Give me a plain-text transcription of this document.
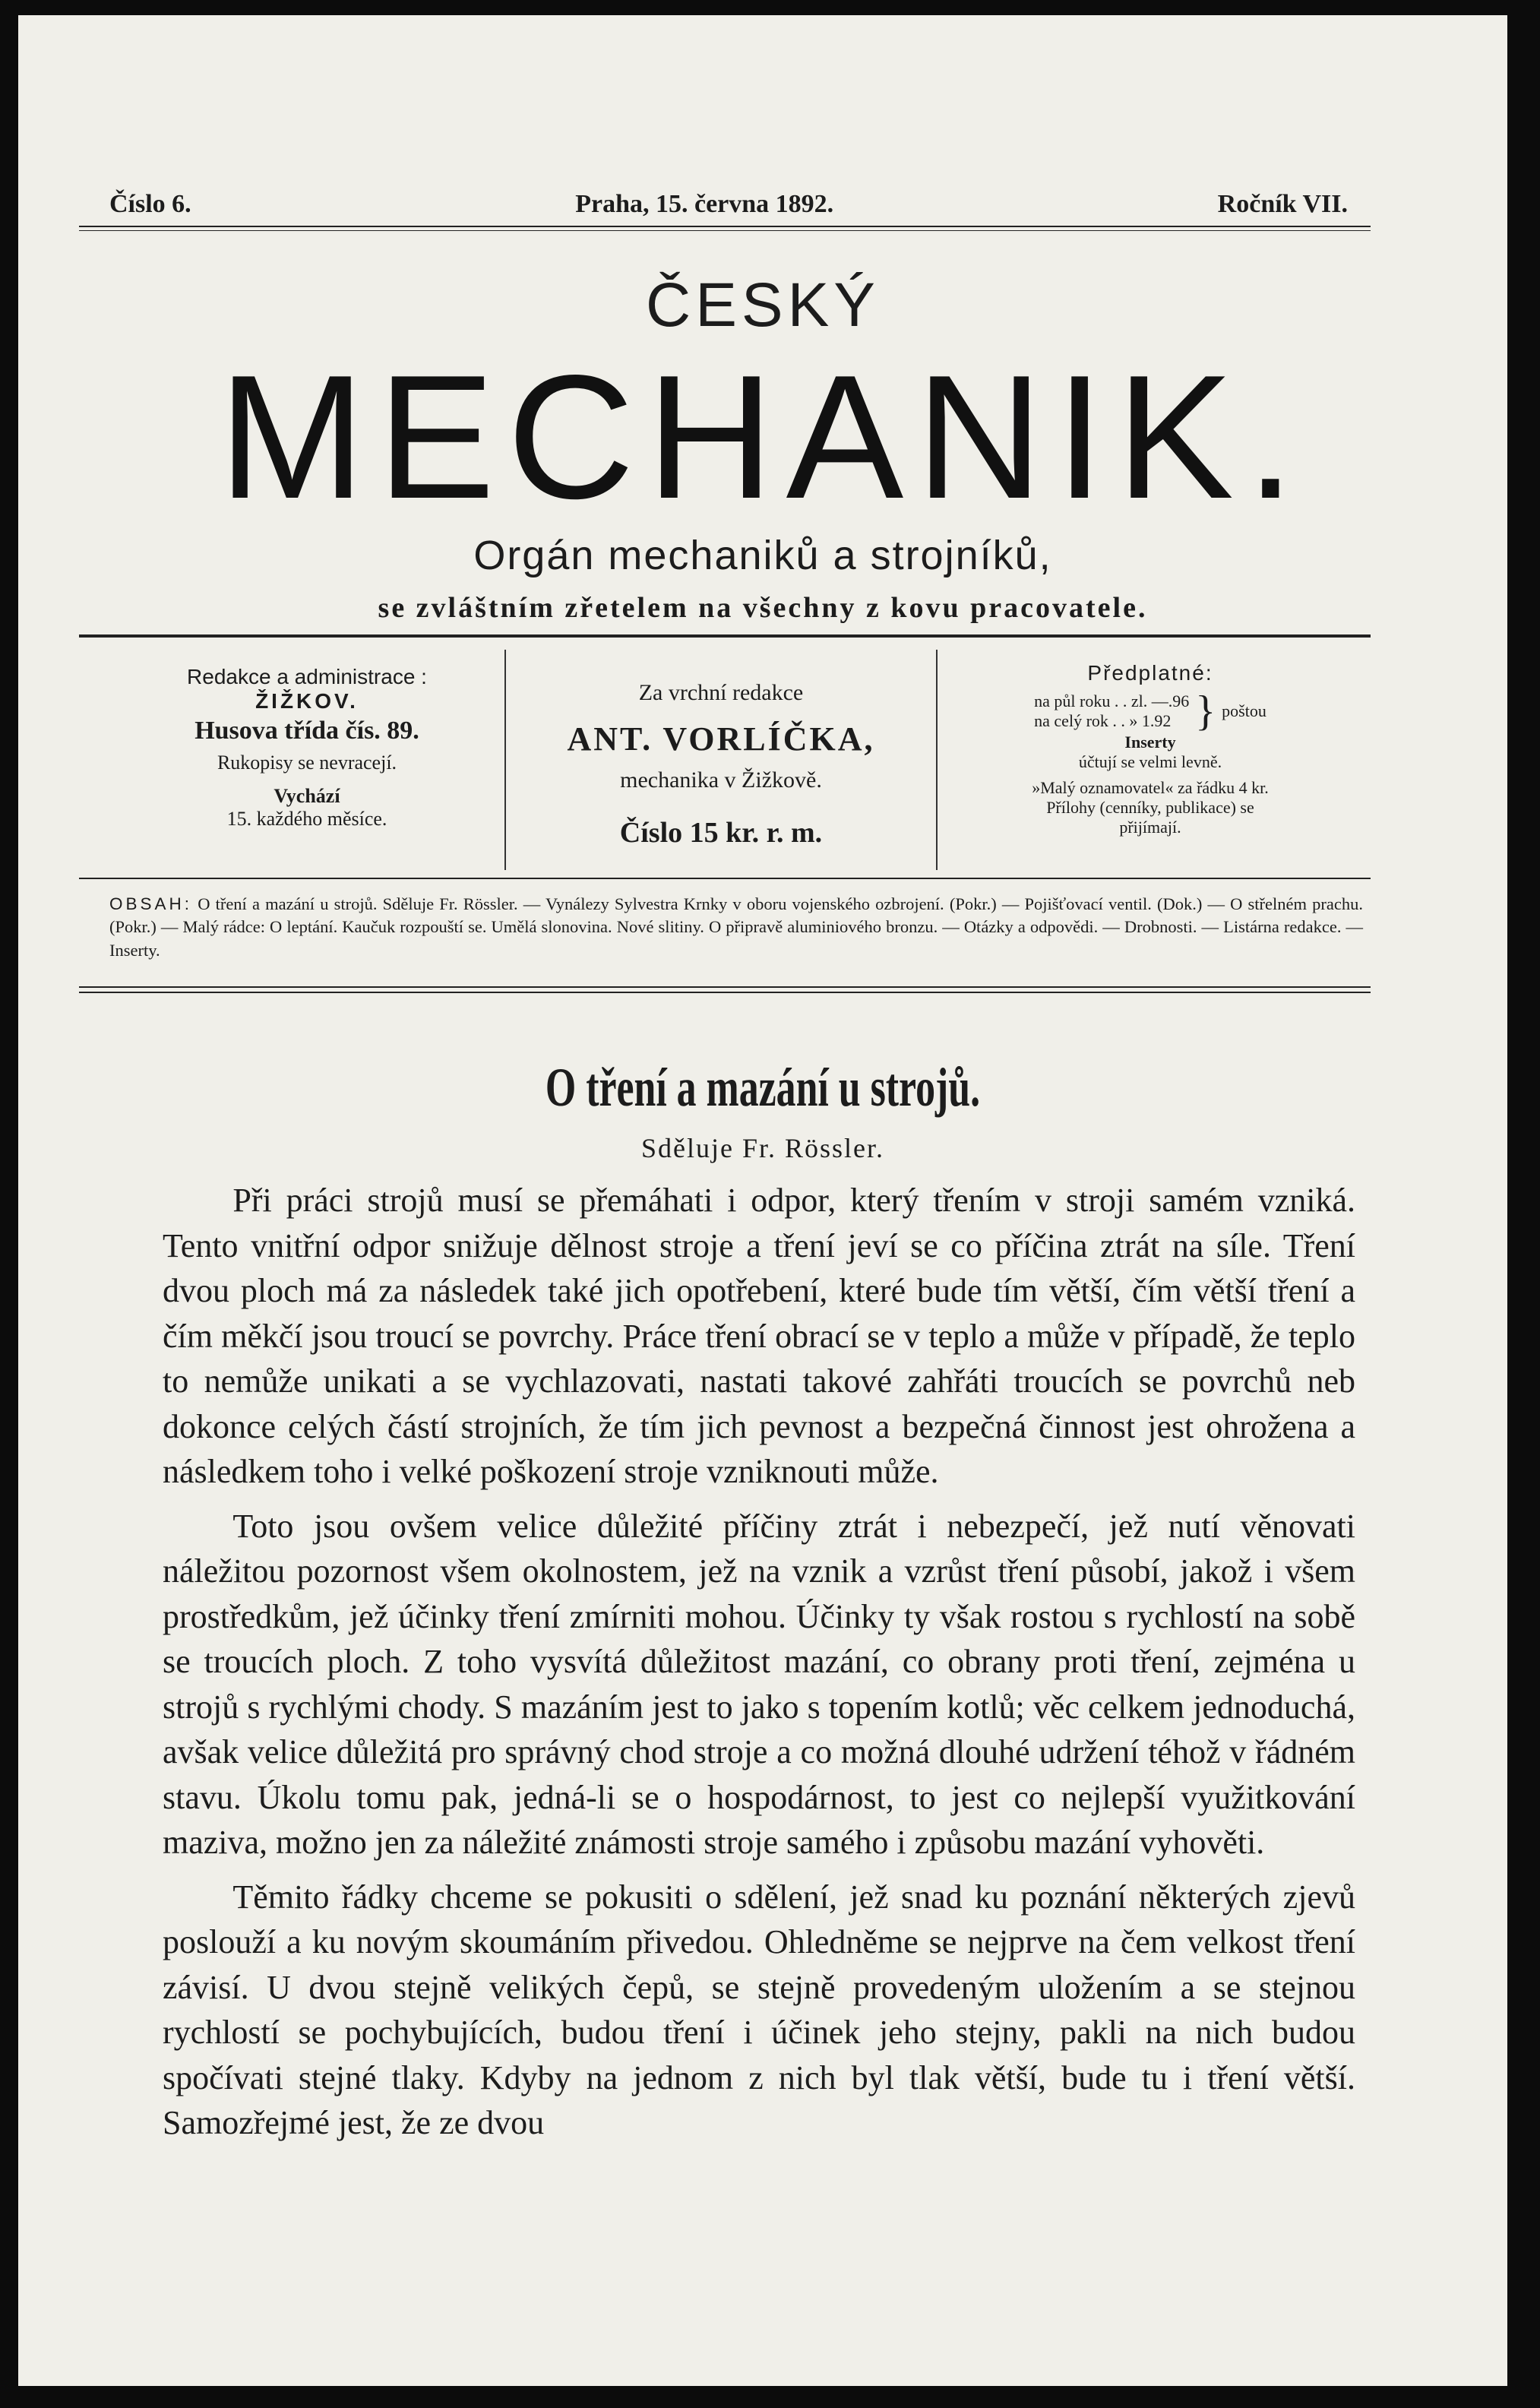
Číslo 6.	Praha, 15. června 1892.	Ročník VII.
ČESKÝ
MECHANIK.
Orgán mechaniků a strojníků,
se zvláštním zřetelem na všechny z kovu pracovatele.
Redakce a administrace :
ŽIŽKOV.
Husova třída čís. 89.
Rukopisy se nevracejí.
Vychází
15. každého měsíce.
Za vrchní redakce
ANT. VORLÍČKA,
mechanika v Žižkově.
Číslo 15 kr. r. m.
Předplatné:
na půl roku . . zl. —.96
na celý rok . . » 1.92 } poštou
Inserty
účtují se velmi levně.
»Malý oznamovatel« za řádku 4 kr.
Přílohy (cenníky, publikace) se
přijímají.
OBSAH: O tření a mazání u strojů. Sděluje Fr. Rössler. — Vynálezy Sylvestra Krnky v oboru vojenského ozbrojení. (Pokr.) — Pojišťovací ventil. (Dok.) — O střelném prachu.(Pokr.) — Malý rádce: O leptání. Kaučuk rozpouští se. Umělá slonovina. Nové slitiny. O připravě aluminiového bronzu. — Otázky a odpovědi. — Drobnosti. — Listárna redakce. — Inserty.
O tření a mazání u strojů.
Sděluje Fr. Rössler.

Při práci strojů musí se přemáhati i odpor, který třením v stroji samém vzniká. Tento vnitřní odpor snižuje dělnost stroje a tření jeví se co příčina ztrát na síle. Tření dvou ploch má za následek také jich opotřebení, které bude tím větší, čím větší tření a čím měkčí jsou troucí se povrchy. Práce tření obrací se v teplo a může v případě, že teplo to nemůže unikati a se vychlazovati, nastati takové zahřáti troucích se povrchů neb dokonce celých částí strojních, že tím jich pevnost a bezpečná činnost jest ohrožena a následkem toho i velké poškození stroje vzniknouti může.

Toto jsou ovšem velice důležité příčiny ztrát i nebezpečí, jež nutí věnovati náležitou pozornost všem okolnostem, jež na vznik a vzrůst tření působí, jakož i všem prostředkům, jež účinky tření zmírniti mohou. Účinky ty však rostou s rychlostí na sobě se troucích ploch. Z toho vysvítá důležitost mazání, co obrany proti tření, zejména u strojů s rychlými chody. S mazáním jest to jako s topením kotlů; věc celkem jednoduchá, avšak velice důležitá pro správný chod stroje a co možná dlouhé udržení téhož v řádném stavu. Úkolu tomu pak, jedná-li se o hospodárnost, to jest co nejlepší využitkování maziva, možno jen za náležité známosti stroje samého i způsobu mazání vyhověti.

Těmito řádky chceme se pokusiti o sdělení, jež snad ku poznání některých zjevů poslouží a ku novým skoumáním přivedou. Ohledněme se nejprve na čem velkost tření závisí. U dvou stejně velikých čepů, se stejně provedeným uložením a se stejnou rychlostí se pochybujících, budou tření i účinek jeho stejny, pakli na nich budou spočívati stejné tlaky. Kdyby na jednom z nich byl tlak větší, bude tu i tření větší. Samozřejmé jest, že ze dvou
